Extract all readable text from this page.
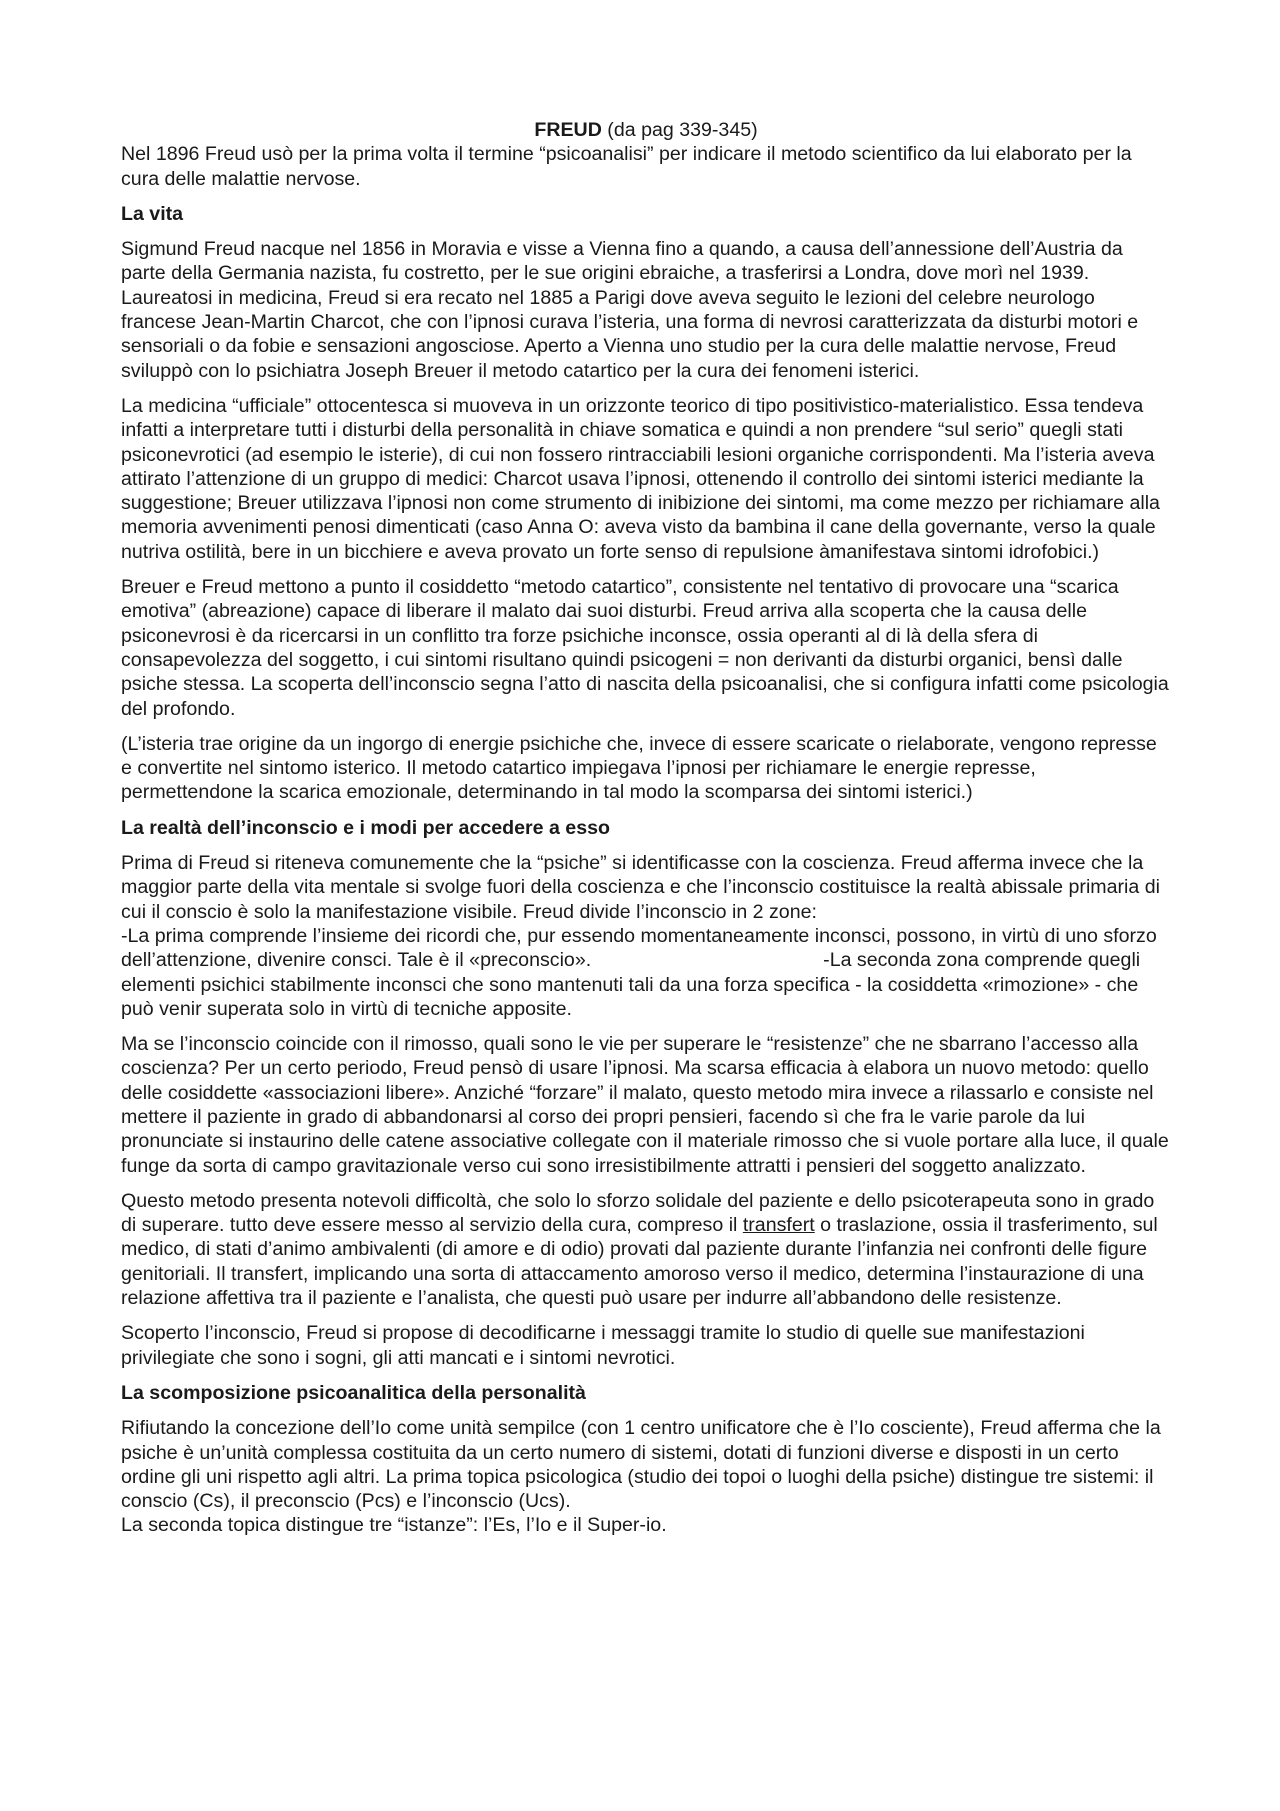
FREUD (da pag 339-345)

Nel 1896 Freud usò per la prima volta il termine “psicoanalisi” per indicare il metodo scientifico da lui elaborato per la cura delle malattie nervose.

La vita

Sigmund Freud nacque nel 1856 in Moravia e visse a Vienna fino a quando, a causa dell’annessione dell’Austria da parte della Germania nazista, fu costretto, per le sue origini ebraiche, a trasferirsi a Londra, dove morì nel 1939. Laureatosi in medicina, Freud si era recato nel 1885 a Parigi dove aveva seguito le lezioni del celebre neurologo francese Jean-Martin Charcot, che con l’ipnosi curava l’isteria, una forma di nevrosi caratterizzata da disturbi motori e sensoriali o da fobie e sensazioni angosciose. Aperto a Vienna uno studio per la cura delle malattie nervose, Freud sviluppò con lo psichiatra Joseph Breuer il metodo catartico per la cura dei fenomeni isterici.

La medicina “ufficiale” ottocentesca si muoveva in un orizzonte teorico di tipo positivistico-materialistico. Essa tendeva infatti a interpretare tutti i disturbi della personalità in chiave somatica e quindi a non prendere “sul serio” quegli stati psiconevrotici (ad esempio le isterie), di cui non fossero rintracciabili lesioni organiche corrispondenti. Ma l’isteria aveva attirato l’attenzione di un gruppo di medici: Charcot usava l’ipnosi, ottenendo il controllo dei sintomi isterici mediante la suggestione; Breuer utilizzava l’ipnosi non come strumento di inibizione dei sintomi, ma come mezzo per richiamare alla memoria avvenimenti penosi dimenticati (caso Anna O: aveva visto da bambina il cane della governante, verso la quale nutriva ostilità, bere in un bicchiere e aveva provato un forte senso di repulsione àmanifestava sintomi idrofobici.)

Breuer e Freud mettono a punto il cosiddetto “metodo catartico”, consistente nel tentativo di provocare una “scarica emotiva” (abreazione) capace di liberare il malato dai suoi disturbi. Freud arriva alla scoperta che la causa delle psiconevrosi è da ricercarsi in un conflitto tra forze psichiche inconsce, ossia operanti al di là della sfera di consapevolezza del soggetto, i cui sintomi risultano quindi psicogeni = non derivanti da disturbi organici, bensì dalle psiche stessa. La scoperta dell’inconscio segna l’atto di nascita della psicoanalisi, che si configura infatti come psicologia del profondo.

(L’isteria trae origine da un ingorgo di energie psichiche che, invece di essere scaricate o rielaborate, vengono represse e convertite nel sintomo isterico. Il metodo catartico impiegava l’ipnosi per richiamare le energie represse, permettendone la scarica emozionale, determinando in tal modo la scomparsa dei sintomi isterici.)

La realtà dell’inconscio e i modi per accedere a esso

Prima di Freud si riteneva comunemente che la “psiche” si identificasse con la coscienza. Freud afferma invece che la maggior parte della vita mentale si svolge fuori della coscienza e che l’inconscio costituisce la realtà abissale primaria di cui il conscio è solo la manifestazione visibile. Freud divide l’inconscio in 2 zone:
-La prima comprende l’insieme dei ricordi che, pur essendo momentaneamente inconsci, possono, in virtù di uno sforzo dell’attenzione, divenire consci. Tale è il «preconscio».	-La seconda zona comprende quegli elementi psichici stabilmente inconsci che sono mantenuti tali da una forza specifica - la cosiddetta «rimozione» - che può venir superata solo in virtù di tecniche apposite.

Ma se l’inconscio coincide con il rimosso, quali sono le vie per superare le “resistenze” che ne sbarrano l’accesso alla coscienza? Per un certo periodo, Freud pensò di usare l’ipnosi. Ma scarsa efficacia à elabora un nuovo metodo: quello delle cosiddette «associazioni libere». Anziché “forzare” il malato, questo metodo mira invece a rilassarlo e consiste nel mettere il paziente in grado di abbandonarsi al corso dei propri pensieri, facendo sì che fra le varie parole da lui pronunciate si instaurino delle catene associative collegate con il materiale rimosso che si vuole portare alla luce, il quale funge da sorta di campo gravitazionale verso cui sono irresistibilmente attratti i pensieri del soggetto analizzato.

Questo metodo presenta notevoli difficoltà, che solo lo sforzo solidale del paziente e dello psicoterapeuta sono in grado di superare. tutto deve essere messo al servizio della cura, compreso il transfert o traslazione, ossia il trasferimento, sul medico, di stati d’animo ambivalenti (di amore e di odio) provati dal paziente durante l’infanzia nei confronti delle figure genitoriali. Il transfert, implicando una sorta di attaccamento amoroso verso il medico, determina l’instaurazione di una relazione affettiva tra il paziente e l’analista, che questi può usare per indurre all’abbandono delle resistenze.

Scoperto l’inconscio, Freud si propose di decodificarne i messaggi tramite lo studio di quelle sue manifestazioni privilegiate che sono i sogni, gli atti mancati e i sintomi nevrotici.

La scomposizione psicoanalitica della personalità

Rifiutando la concezione dell’Io come unità sempilce (con 1 centro unificatore che è l’Io cosciente), Freud afferma che la psiche è un’unità complessa costituita da un certo numero di sistemi, dotati di funzioni diverse e disposti in un certo ordine gli uni rispetto agli altri. La prima topica psicologica (studio dei topoi o luoghi della psiche) distingue tre sistemi: il conscio (Cs), il preconscio (Pcs) e l’inconscio (Ucs).
La seconda topica distingue tre “istanze”: l’Es, l’Io e il Super-io.
